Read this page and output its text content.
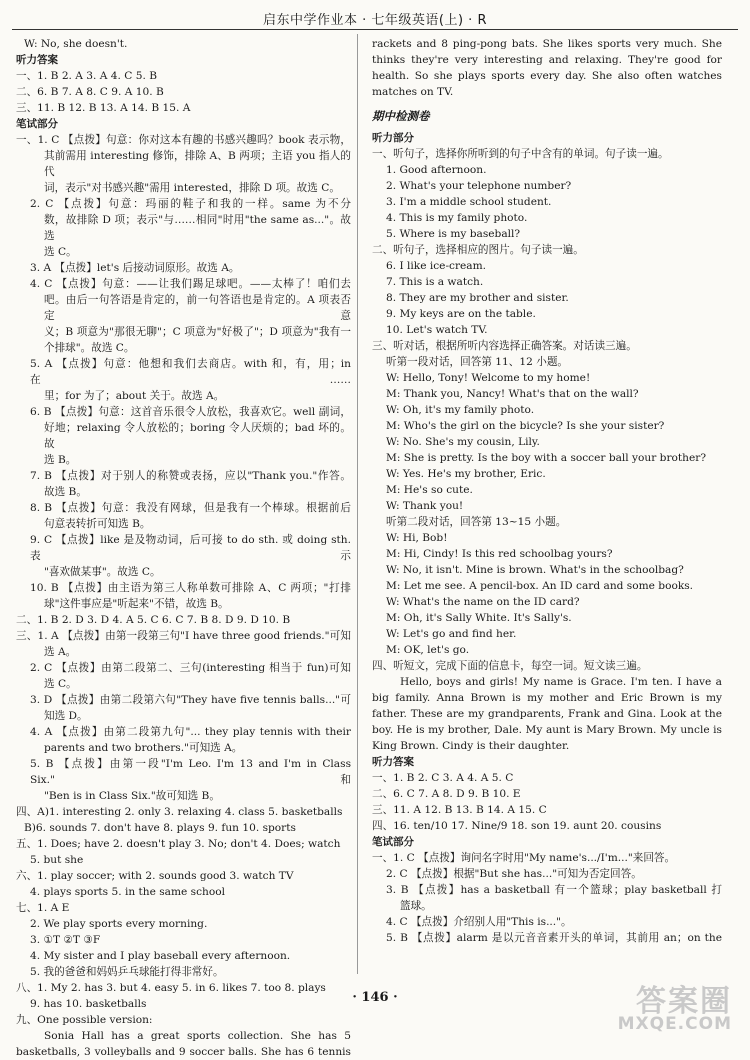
启东中学作业本 · 七年级英语(上) · R
W: No, she doesn't.
听力答案
一、1. B 2. A 3. A 4. C 5. B
二、6. B 7. A 8. C 9. A 10. B
三、11. B 12. B 13. A 14. B 15. A
笔试部分
一、1. C 【点拨】句意：你对这本有趣的书感兴趣吗？book 表示物，
其前需用 interesting 修饰，排除 A、B 两项；主语 you 指人的代
词，表示"对书感兴趣"需用 interested，排除 D 项。故选 C。
2. C 【点拨】句意：玛丽的鞋子和我的一样。same 为不分
数，故排除 D 项；表示"与……相同"时用"the same as..."。故选
选 C。
3. A 【点拨】let's 后接动词原形。故选 A。
4. C 【点拨】句意：——让我们踢足球吧。——太棒了！咱们去
吧。由后一句答语是肯定的，前一句答语也是肯定的。A 项表否定意
义；B 项意为"那很无聊"；C 项意为"好极了"；D 项意为"我有一
个排球"。故选 C。
5. A 【点拨】句意：他想和我们去商店。with 和，有，用；in 在……
里；for 为了；about 关于。故选 A。
6. B 【点拨】句意：这首音乐很令人放松，我喜欢它。well 副词，
好地；relaxing 令人放松的；boring 令人厌烦的；bad 坏的。故
选 B。
7. B 【点拨】对于别人的称赞或表扬，应以"Thank you."作答。
故选 B。
8. B 【点拨】句意：我没有网球，但是我有一个棒球。根据前后
句意表转折可知选 B。
9. C 【点拨】like 是及物动词，后可接 to do sth. 或 doing sth. 表示
"喜欢做某事"。故选 C。
10. B 【点拨】由主语为第三人称单数可排除 A、C 两项；"打排
球"这件事应是"听起来"不错，故选 B。
二、1. B 2. D 3. D 4. A 5. C 6. C 7. B 8. D 9. D 10. B
三、1. A 【点拨】由第一段第三句"I have three good friends."可知
选 A。
2. C 【点拨】由第二段第二、三句(interesting 相当于 fun)可知
选 C。
3. D 【点拨】由第二段第六句"They have five tennis balls..."可
知选 D。
4. A 【点拨】由第二段第九句"... they play tennis with their
parents and two brothers."可知选 A。
5. B 【点拨】由第一段"I'm Leo. I'm 13 and I'm in Class Six."和
"Ben is in Class Six."故可知选 B。
四、A)1. interesting 2. only 3. relaxing 4. class 5. basketballs
B)6. sounds 7. don't have 8. plays 9. fun 10. sports
五、1. Does; have 2. doesn't play 3. No; don't 4. Does; watch
5. but she
六、1. play soccer; with 2. sounds good 3. watch TV
4. plays sports 5. in the same school
七、1. A E
2. We play sports every morning.
3. ①T ②T ③F
4. My sister and I play baseball every afternoon.
5. 我的爸爸和妈妈乒乓球能打得非常好。
八、1. My 2. has 3. but 4. easy 5. in 6. likes 7. too 8. plays
9. has 10. basketballs
九、One possible version:
Sonia Hall has a great sports collection. She has 5
basketballs, 3 volleyballs and 9 soccer balls. She has 6 tennis
rackets and 8 ping-pong bats. She likes sports very much. She
thinks they're very interesting and relaxing. They're good for
health. So she plays sports every day. She also often watches
matches on TV.
期中检测卷
听力部分
一、听句子，选择你所听到的句子中含有的单词。句子读一遍。
1. Good afternoon.
2. What's your telephone number?
3. I'm a middle school student.
4. This is my family photo.
5. Where is my baseball?
二、听句子，选择相应的图片。句子读一遍。
6. I like ice-cream.
7. This is a watch.
8. They are my brother and sister.
9. My keys are on the table.
10. Let's watch TV.
三、听对话，根据所听内容选择正确答案。对话读三遍。
听第一段对话，回答第 11、12 小题。
W: Hello, Tony! Welcome to my home!
M: Thank you, Nancy! What's that on the wall?
W: Oh, it's my family photo.
M: Who's the girl on the bicycle? Is she your sister?
W: No. She's my cousin, Lily.
M: She is pretty. Is the boy with a soccer ball your brother?
W: Yes. He's my brother, Eric.
M: He's so cute.
W: Thank you!
听第二段对话，回答第 13~15 小题。
W: Hi, Bob!
M: Hi, Cindy! Is this red schoolbag yours?
W: No, it isn't. Mine is brown. What's in the schoolbag?
M: Let me see. A pencil-box. An ID card and some books.
W: What's the name on the ID card?
M: Oh, it's Sally White. It's Sally's.
W: Let's go and find her.
M: OK, let's go.
四、听短文，完成下面的信息卡，每空一词。短文读三遍。
Hello, boys and girls! My name is Grace. I'm ten. I have a
big family. Anna Brown is my mother and Eric Brown is my
father. These are my grandparents, Frank and Gina. Look at the
boy. He is my brother, Dale. My aunt is Mary Brown. My uncle is
King Brown. Cindy is their daughter.
听力答案
一、1. B 2. C 3. A 4. A 5. C
二、6. C 7. A 8. D 9. B 10. E
三、11. A 12. B 13. B 14. A 15. C
四、16. ten/10 17. Nine/9 18. son 19. aunt 20. cousins
笔试部分
一、1. C 【点拨】询问名字时用"My name's.../I'm..."来回答。
2. C 【点拨】根据"But she has..."可知为否定回答。
3. B 【点拨】has a basketball 有一个篮球；play basketball 打
篮球。
4. C 【点拨】介绍别人用"This is..."。
5. B 【点拨】alarm 是以元音音素开头的单词，其前用 an；on the
· 146 ·	答案圈
MXQE.COM
